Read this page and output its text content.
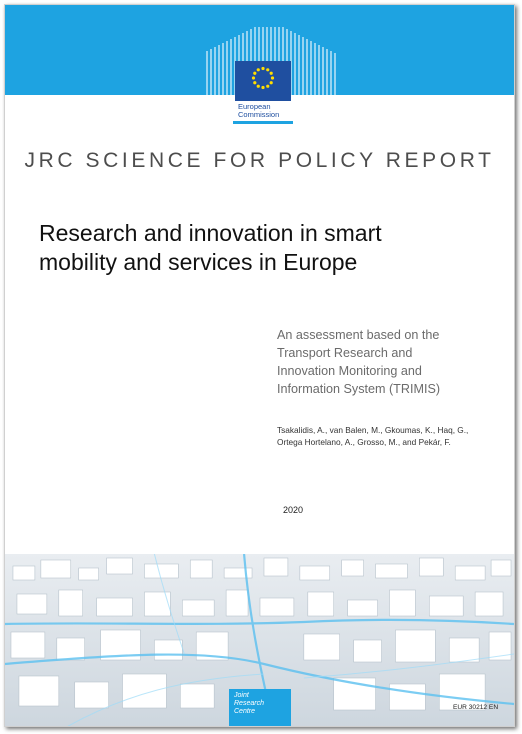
European
Commission
JRC SCIENCE FOR POLICY REPORT
Research and innovation in smart
mobility and services in Europe
An assessment based on the
Transport Research and
Innovation Monitoring and
Information System (TRIMIS)
Tsakalidis, A., van Balen, M., Gkoumas, K., Haq, G.,
Ortega Hortelano, A., Grosso, M., and Pekár, F.
2020
Joint
Research
Centre
EUR 30212 EN
